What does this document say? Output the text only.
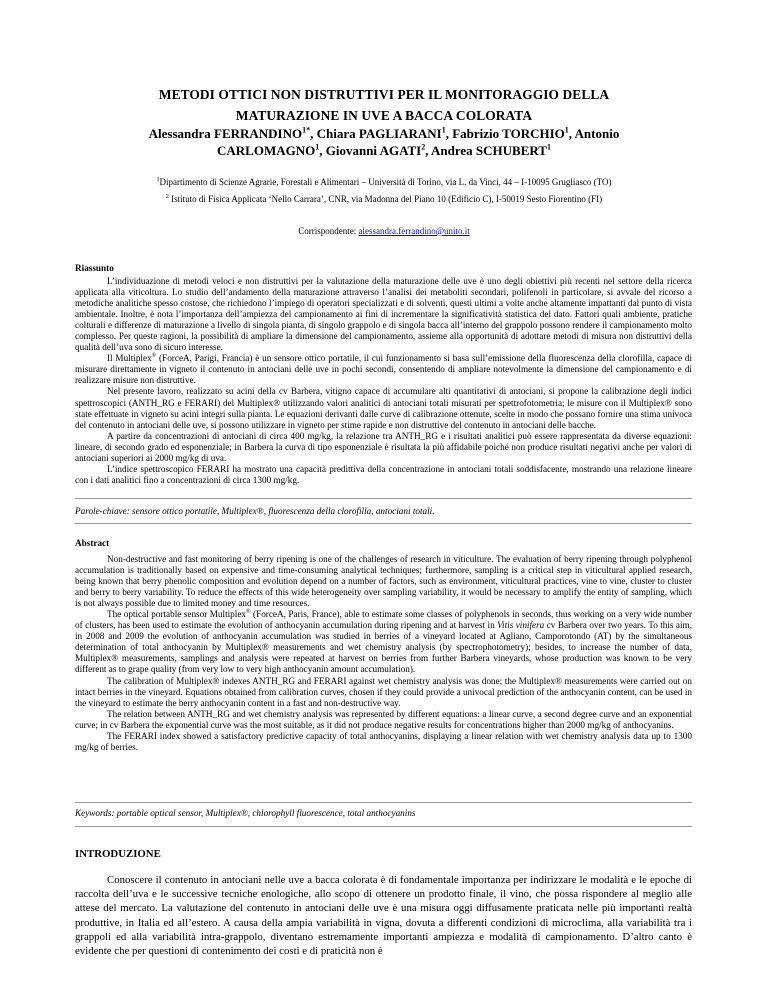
METODI OTTICI NON DISTRUTTIVI PER IL MONITORAGGIO DELLA
MATURAZIONE IN UVE A BACCA COLORATA
Alessandra $FERRANDINO^{1*}$, Chiara PAGLIARANI$^1$, Fabrizio TORCHIO$^1$, Antonio
CARLOMAGNO$^1$, Giovanni AGATI$^2$, Andrea SCHUBERT$^1$
$^1$Dipartimento di Scienze Agrarie, Forestali e Alimentari – Università di Torino, via L. da Vinci, 44 – I-10095 Grugliasco (TO)
$^2$ Istituto di Fisica Applicata ‘Nello Carrara’, CNR, via Madonna del Piano 10 (Edificio C), I-50019 Sesto Fiorentino (FI)
Corrispondente: alessandra.ferrandino@unito.it
Riassunto

L’individuazione di metodi veloci e non distruttivi per la valutazione della maturazione delle uve è uno degli obiettivi più recenti nel settore della ricerca applicata alla viticoltura. Lo studio dell’andamento della maturazione attraverso l’analisi dei metaboliti secondari, polifenoli in particolare, si avvale del ricorso a metodiche analitiche spesso costose, che richiedono l’impiego di operatori specializzati e di solventi, questi ultimi a volte anche altamente impattanti dal punto di vista ambientale. Inoltre, è nota l’importanza dell’ampiezza del campionamento ai fini di incrementare la significatività statistica del dato. Fattori quali ambiente, pratiche colturali e differenze di maturazione a livello di singola pianta, di singolo grappolo e di singola bacca all’interno del grappolo possono rendere il campionamento molto complesso. Per queste ragioni, la possibilità di ampliare la dimensione del campionamento, assieme alla opportunità di adottare metodi di misura non distruttivi della qualità dell’uva sono di sicuro interesse.

Il Multiplex® (ForceA, Parigi, Francia) è un sensore ottico portatile, il cui funzionamento si basa sull’emissione della fluorescenza della clorofilla, capace di misurare direttamente in vigneto il contenuto in antociani delle uve in pochi secondi, consentendo di ampliare notevolmente la dimensione del campionamento e di realizzare misure non distruttive.

Nel presente lavoro, realizzato su acini della cv Barbera, vitigno capace di accumulare alti quantitativi di antociani, si propone la calibrazione degli indici spettroscopici (ANTH_RG e FERARI) del Multiplex® utilizzando valori analitici di antociani totali misurati per spettrofotometria; le misure con il Multiplex® sono state effettuate in vigneto su acini integri sulla pianta. Le equazioni derivanti dalle curve di calibrazione ottenute, scelte in modo che possano fornire una stima univoca del contenuto in antociani delle uve, si possono utilizzare in vigneto per stime rapide e non distruttive del contenuto in antociani delle bacche.

A partire da concentrazioni di antociani di circa 400 mg/kg, la relazione tra ANTH_RG e i risultati analitici può essere rappresentata da diverse equazioni: lineare, di secondo grado ed esponenziale; in Barbera la curva di tipo esponenziale è risultata la più affidabile poiché non produce risultati negativi anche per valori di antociani superiori ai 2000 mg/kg di uva.

L’indice spettroscopico FERARI ha mostrato una capacità predittiva della concentrazione in antociani totali soddisfacente, mostrando una relazione lineare con i dati analitici fino a concentrazioni di circa 1300 mg/kg.

Parole-chiave: sensore ottico portatile, Multiplex®, fluorescenza della clorofilla, antociani totali.
Abstract

Non-destructive and fast monitoring of berry ripening is one of the challenges of research in viticulture. The evaluation of berry ripening through polyphenol accumulation is traditionally based on expensive and time-consuming analytical techniques; furthermore, sampling is a critical step in viticultural applied research, being known that berry phenolic composition and evolution depend on a number of factors, such as environment, viticultural practices, vine to vine, cluster to cluster and berry to berry variability. To reduce the effects of this wide heterogeneity over sampling variability, it would be necessary to amplify the entity of sampling, which is not always possible due to limited money and time resources.

The optical portable sensor Multiplex® (ForceA, Paris, France), able to estimate some classes of polyphenols in seconds, thus working on a very wide number of clusters, has been used to estimate the evolution of anthocyanin accumulation during ripening and at harvest in Vitis vinifera cv Barbera over two years. To this aim, in 2008 and 2009 the evolution of anthocyanin accumulation was studied in berries of a vineyard located at Agliano, Camporotondo (AT) by the simultaneous determination of total anthocyanin by Multiplex® measurements and wet chemistry analysis (by spectrophotometry); besides, to increase the number of data, Multiplex® measurements, samplings and analysis were repeated at harvest on berries from further Barbera vineyards, whose production was known to be very different as to grape quality (from very low to very high anthocyanin amount accumulation).

The calibration of Multiplex® indexes ANTH_RG and FERARI against wet chemistry analysis was done; the Multiplex® measurements were carried out on intact berries in the vineyard. Equations obtained from calibration curves, chosen if they could provide a univocal prediction of the anthocyanin content, can be used in the vineyard to estimate the berry anthocyanin content in a fast and non-destructive way.

The relation between ANTH_RG and wet chemistry analysis was represented by different equations: a linear curve, a second degree curve and an exponential curve; in cv Barbera the exponential curve was the most suitable, as it did not produce negative results for concentrations higher than 2000 mg/kg of anthocyanins.

The FERARI index showed a satisfactory predictive capacity of total anthocyanins, displaying a linear relation with wet chemistry analysis data up to 1300 mg/kg of berries.

Keywords: portable optical sensor, Multiplex®, chlorophyll fluorescence, total anthocyanins
INTRODUZIONE

Conoscere il contenuto in antociani nelle uve a bacca colorata è di fondamentale importanza per indirizzare le modalità e le epoche di raccolta dell’uva e le successive tecniche enologiche, allo scopo di ottenere un prodotto finale, il vino, che possa rispondere al meglio alle attese del mercato. La valutazione del contenuto in antociani delle uve è una misura oggi diffusamente praticata nelle più importanti realtà produttive, in Italia ed all’estero. A causa della ampia variabilità in vigna, dovuta a differenti condizioni di microclima, alla variabilità tra i grappoli ed alla variabilità intra-grappolo, diventano estremamente importanti ampiezza e modalità di campionamento. D’altro canto è evidente che per questioni di contenimento dei costi e di praticità non è
